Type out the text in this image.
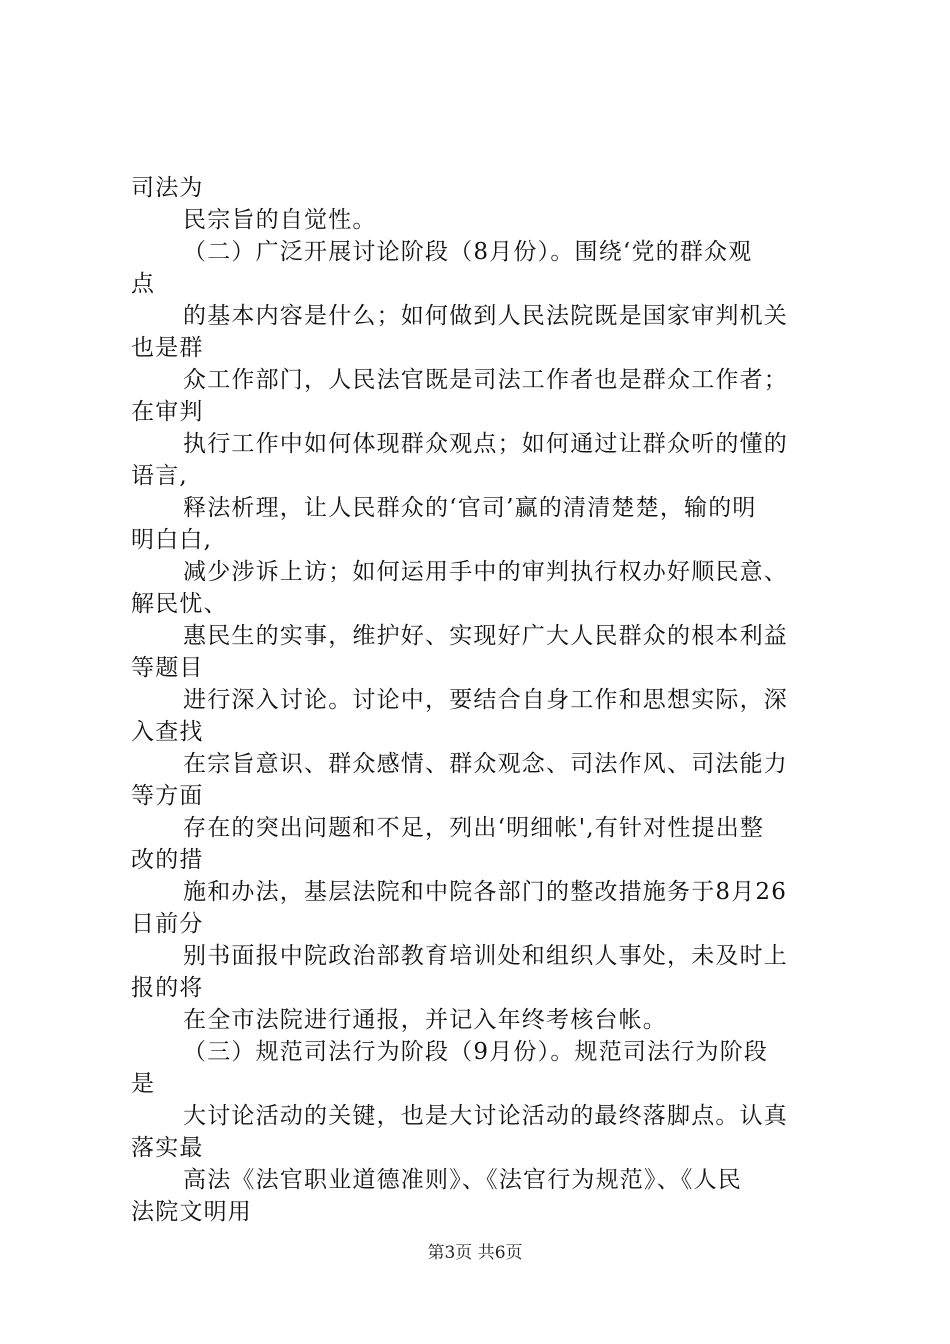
司法为
民宗旨的自觉性。
（二）广泛开展讨论阶段（8月份）。围绕‘党的群众观
点
的基本内容是什么；如何做到人民法院既是国家审判机关
也是群
众工作部门，人民法官既是司法工作者也是群众工作者；
在审判
执行工作中如何体现群众观点；如何通过让群众听的懂的
语言,
释法析理，让人民群众的‘官司’赢的清清楚楚，输的明
明白白,
减少涉诉上访；如何运用手中的审判执行权办好顺民意、
解民忧、
惠民生的实事，维护好、实现好广大人民群众的根本利益
等题目
进行深入讨论。讨论中，要结合自身工作和思想实际，深
入查找
在宗旨意识、群众感情、群众观念、司法作风、司法能力
等方面
存在的突出问题和不足，列出‘明细帐',有针对性提出整
改的措
施和办法，基层法院和中院各部门的整改措施务于8月26
日前分
别书面报中院政治部教育培训处和组织人事处，未及时上
报的将
在全市法院进行通报，并记入年终考核台帐。
（三）规范司法行为阶段（9月份）。规范司法行为阶段
是
大讨论活动的关键，也是大讨论活动的最终落脚点。认真
落实最
高法《法官职业道德准则》、《法官行为规范》、《人民
法院文明用
第3页 共6页
